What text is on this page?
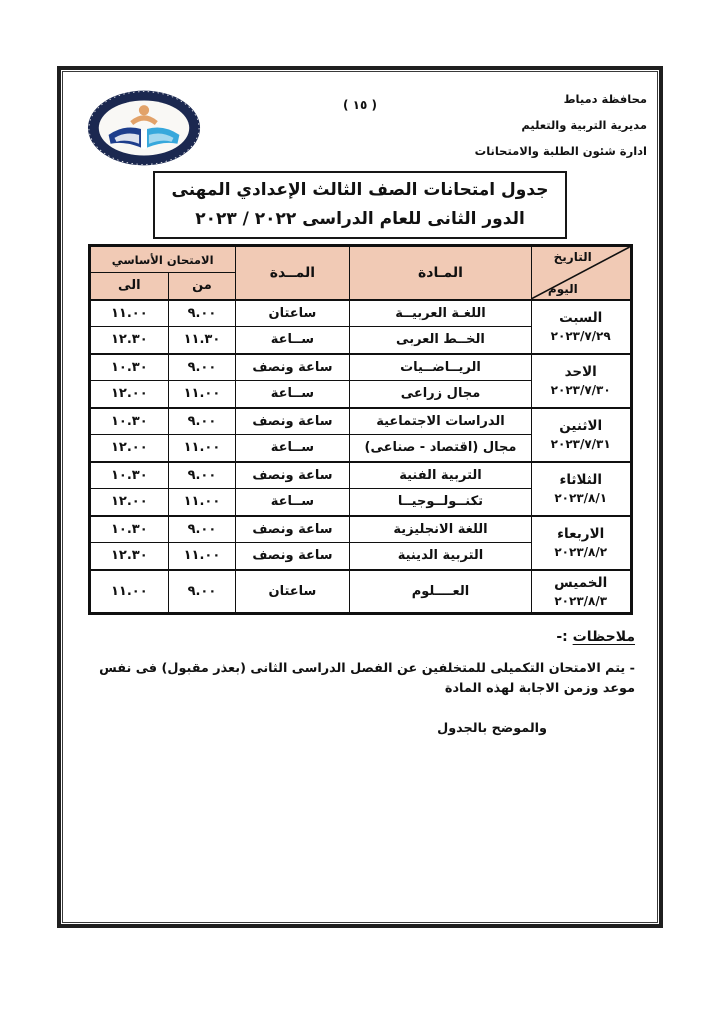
محافظة دمياط
مديرية التربية والتعليم
ادارة شئون الطلبة والامتحانات
( ١٥ )
جدول امتحانات الصف الثالث الإعدادي المهنى
الدور الثانى للعام الدراسى ٢٠٢٢ / ٢٠٢٣
التاريخ
اليوم	المـادة	المــدة	الامتحان الأساسي	
			من	الى

السبت
٢٠٢٣/٧/٢٩	اللغـة العربيــة	ساعتان	٩.٠٠	١١.٠٠
	الخــط العربى	ســاعة	١١.٣٠	١٢.٣٠

الاحد
٢٠٢٣/٧/٣٠	الريــاضــيات	ساعة ونصف	٩.٠٠	١٠.٣٠
	مجال زراعى	ســاعة	١١.٠٠	١٢.٠٠

الاثنين
٢٠٢٣/٧/٣١	الدراسات الاجتماعية	ساعة ونصف	٩.٠٠	١٠.٣٠
	مجال (اقتصاد - صناعى)	ســاعة	١١.٠٠	١٢.٠٠

الثلاثاء
٢٠٢٣/٨/١	التربية الفنية	ساعة ونصف	٩.٠٠	١٠.٣٠
	تكنــولــوجيــا	ســاعة	١١.٠٠	١٢.٠٠

الاربعاء
٢٠٢٣/٨/٢	اللغة الانجليزية	ساعة ونصف	٩.٠٠	١٠.٣٠
	التربية الدينية	ساعة ونصف	١١.٠٠	١٢.٣٠

الخميس
٢٠٢٣/٨/٣	العــــلوم	ساعتان	٩.٠٠	١١.٠٠
ملاحظات :-
- يتم الامتحان التكميلى للمتخلفين عن الفصل الدراسى الثانى (بعذر مقبول) فى نفس موعد وزمن الاجابة لهذه المادة
والموضح بالجدول
